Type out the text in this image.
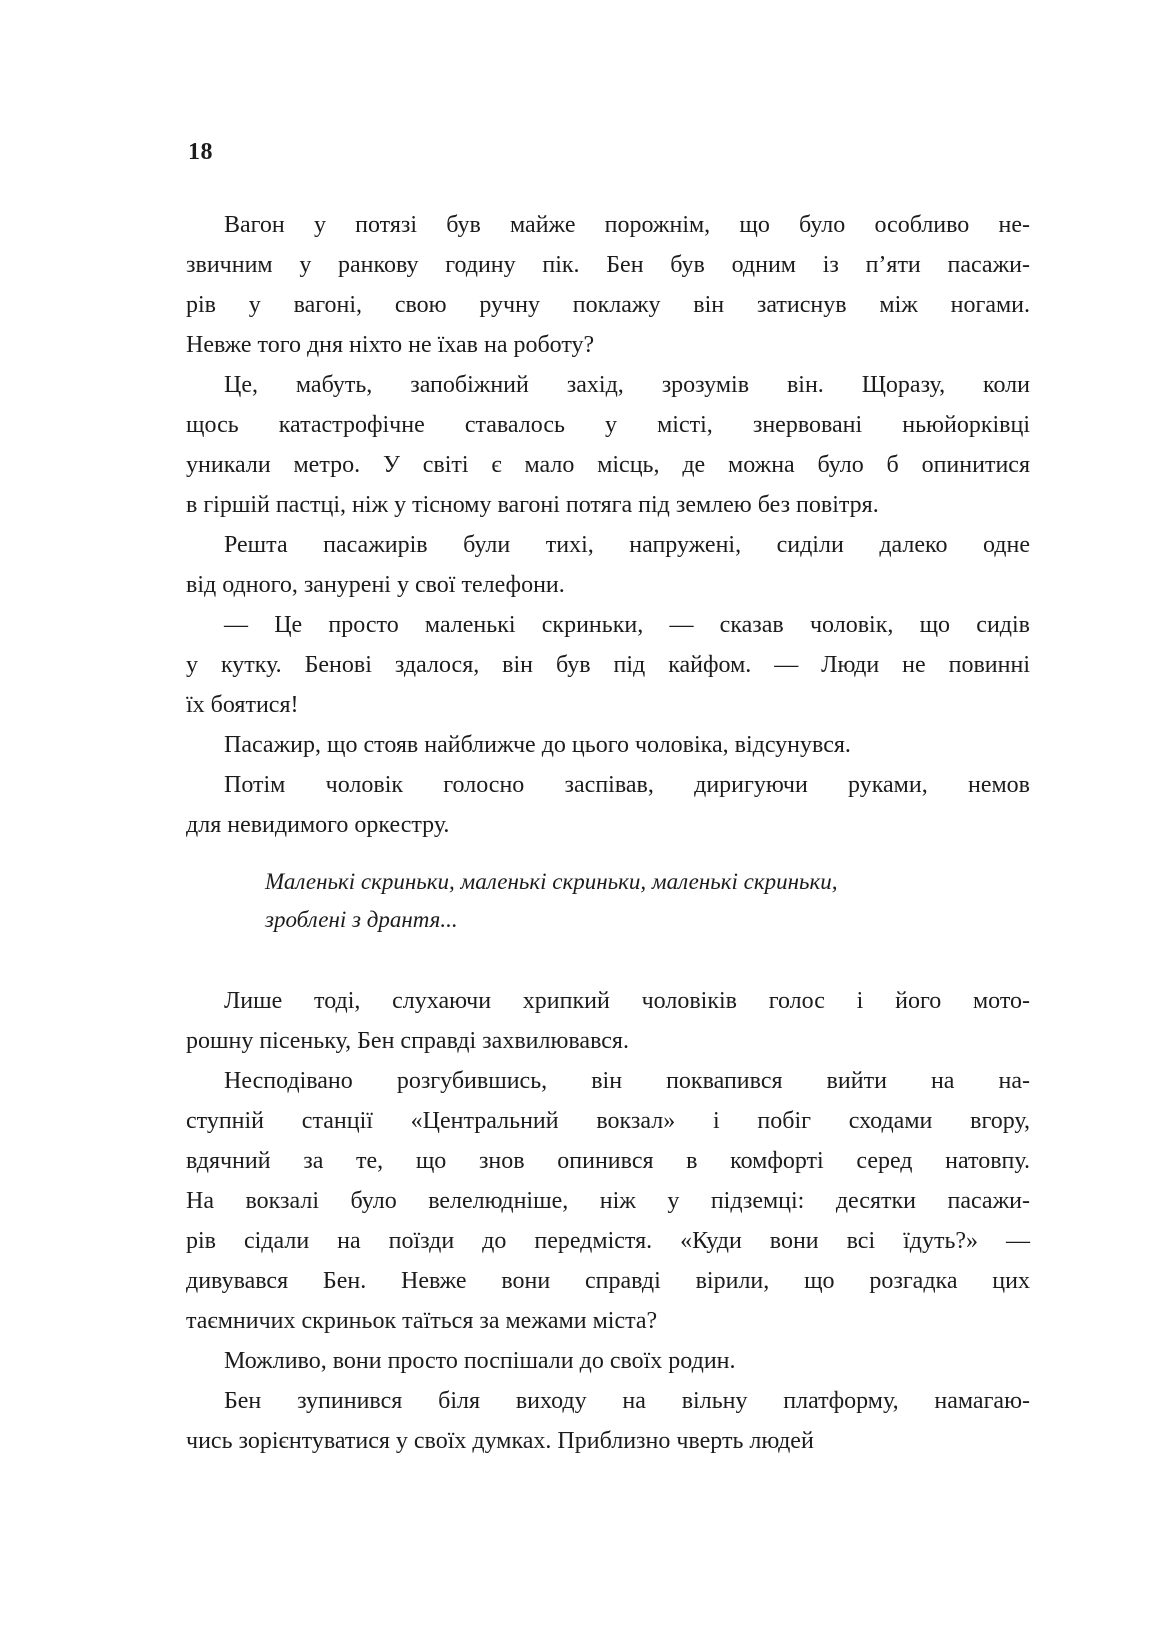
18
Вагон у потязі був майже порожнім, що було особливо не-
звичним у ранкову годину пік. Бен був одним із п’яти пасажи-
рів у вагоні, свою ручну поклажу він затиснув між ногами.
Невже того дня ніхто не їхав на роботу?
Це, мабуть, запобіжний захід, зрозумів він. Щоразу, коли
щось катастрофічне ставалось у місті, знервовані ньюйорківці
уникали метро. У світі є мало місць, де можна було б опинитися
в гіршій пастці, ніж у тісному вагоні потяга під землею без повітря.
Решта пасажирів були тихі, напружені, сиділи далеко одне
від одного, занурені у свої телефони.
— Це просто маленькі скриньки, — сказав чоловік, що сидів
у кутку. Бенові здалося, він був під кайфом. — Люди не повинні
їх боятися!
Пасажир, що стояв найближче до цього чоловіка, відсунувся.
Потім чоловік голосно заспівав, диригуючи руками, немов
для невидимого оркестру.
Маленькі скриньки, маленькі скриньки, маленькі скриньки,
зроблені з дрантя...
Лише тоді, слухаючи хрипкий чоловіків голос і його мото-
рошну пісеньку, Бен справді захвилювався.
Несподівано розгубившись, він поквапився вийти на на-
ступній станції «Центральний вокзал» і побіг сходами вгору,
вдячний за те, що знов опинився в комфорті серед натовпу.
На вокзалі було велелюдніше, ніж у підземці: десятки пасажи-
рів сідали на поїзди до передмістя. «Куди вони всі їдуть?» —
дивувався Бен. Невже вони справді вірили, що розгадка цих
таємничих скриньок таїться за межами міста?
Можливо, вони просто поспішали до своїх родин.
Бен зупинився біля виходу на вільну платформу, намагаю-
чись зорієнтуватися у своїх думках. Приблизно чверть людей
